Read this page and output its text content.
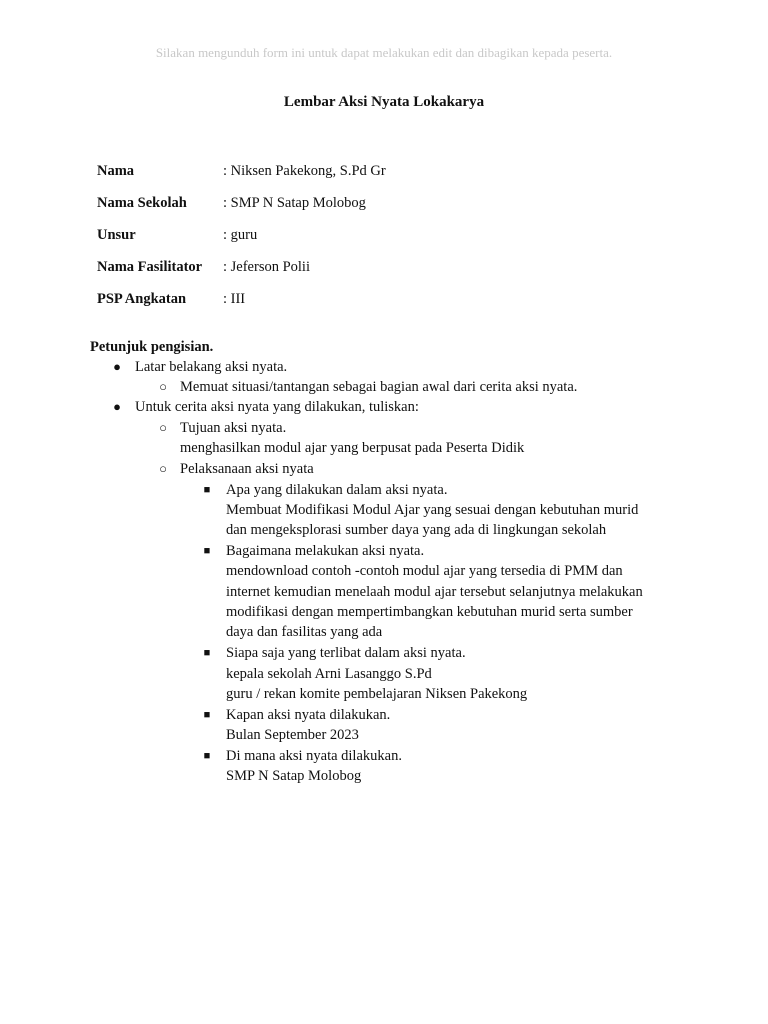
Silakan mengunduh form ini untuk dapat melakukan edit dan dibagikan kepada peserta.
Lembar Aksi Nyata Lokakarya
Nama	: Niksen Pakekong, S.Pd Gr
Nama Sekolah	: SMP N Satap Molobog
Unsur	: guru
Nama Fasilitator	: Jeferson Polii
PSP Angkatan	: III
Petunjuk pengisian.
● Latar belakang aksi nyata.
○ Memuat situasi/tantangan sebagai bagian awal dari cerita aksi nyata.
● Untuk cerita aksi nyata yang dilakukan, tuliskan:
○ Tujuan aksi nyata.
menghasilkan modul ajar yang berpusat pada Peserta Didik
○ Pelaksanaan aksi nyata
■ Apa yang dilakukan dalam aksi nyata.
Membuat Modifikasi Modul Ajar yang sesuai dengan kebutuhan murid
dan mengeksplorasi sumber daya yang ada di lingkungan sekolah
■ Bagaimana melakukan aksi nyata.
mendownload contoh -contoh modul ajar yang tersedia di PMM dan
internet kemudian menelaah modul ajar tersebut selanjutnya melakukan
modifikasi dengan mempertimbangkan kebutuhan murid serta sumber
daya dan fasilitas yang ada
■ Siapa saja yang terlibat dalam aksi nyata.
kepala sekolah Arni Lasanggo S.Pd
guru / rekan komite pembelajaran Niksen Pakekong
■ Kapan aksi nyata dilakukan.
Bulan September 2023
■ Di mana aksi nyata dilakukan.
SMP N Satap Molobog
